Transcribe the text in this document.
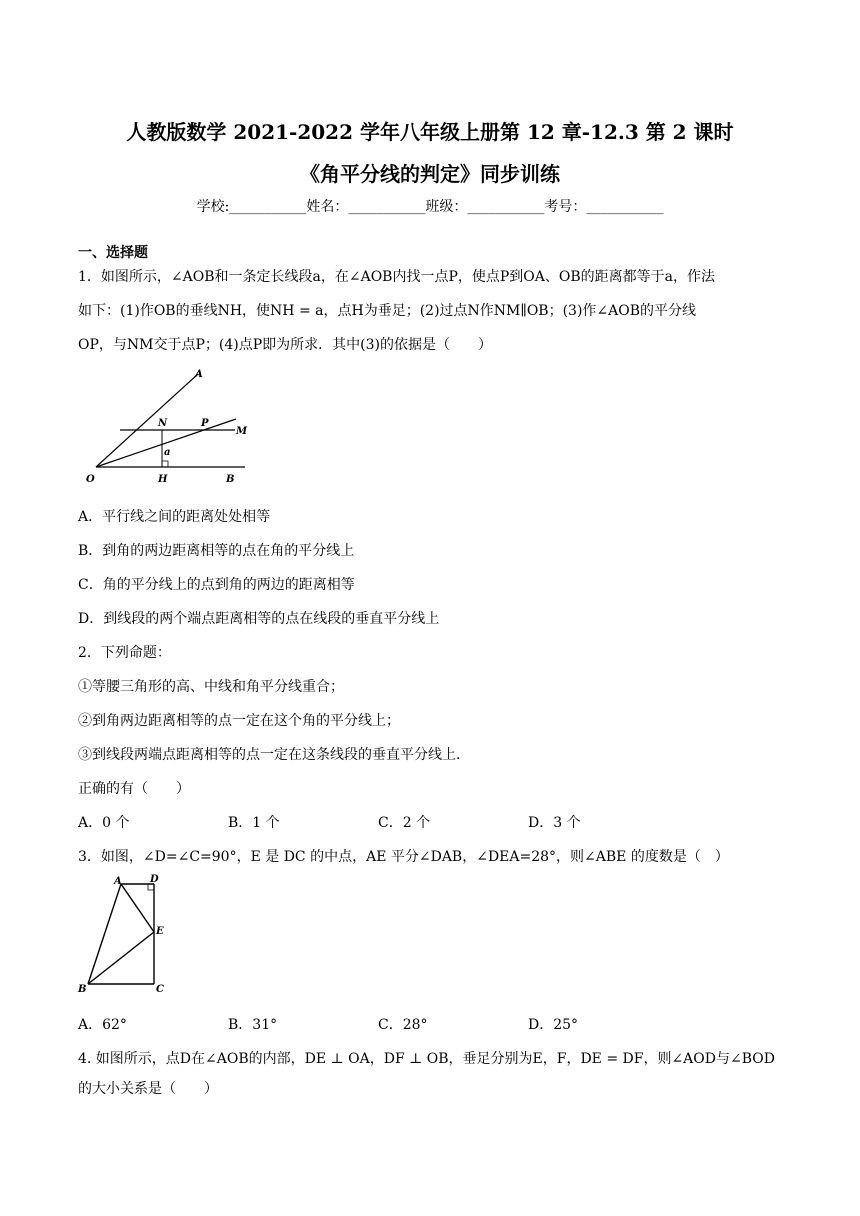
人教版数学 2021-2022 学年八年级上册第 12 章-12.3 第 2 课时
《角平分线的判定》同步训练
学校:___________姓名：___________班级：___________考号：___________
一、选择题
1．如图所示，∠AOB和一条定长线段a，在∠AOB内找一点P，使点P到OA、OB的距离都等于a，作法
如下：(1)作OB的垂线NH，使NH = a，点H为垂足；(2)过点N作NM∥OB；(3)作∠AOB的平分线
OP，与NM交于点P；(4)点P即为所求．其中(3)的依据是（　　）
A
N	P
M
a
O	H	B
A．平行线之间的距离处处相等
B．到角的两边距离相等的点在角的平分线上
C．角的平分线上的点到角的两边的距离相等
D．到线段的两个端点距离相等的点在线段的垂直平分线上
2．下列命题：
①等腰三角形的高、中线和角平分线重合；
②到角两边距离相等的点一定在这个角的平分线上；
③到线段两端点距离相等的点一定在这条线段的垂直平分线上．
正确的有（　　）
A．0 个	B．1 个	C．2 个	D．3 个
3．如图，∠D=∠C=90°，E 是 DC 的中点，AE 平分∠DAB，∠DEA=28°，则∠ABE 的度数是（　）
A	D
E
B	C
A．62°	B．31°	C．28°	D．25°
4. 如图所示，点D在∠AOB的内部，DE ⊥ OA，DF ⊥ OB，垂足分别为E，F，DE = DF，则∠AOD与∠BOD
的大小关系是（　　）
